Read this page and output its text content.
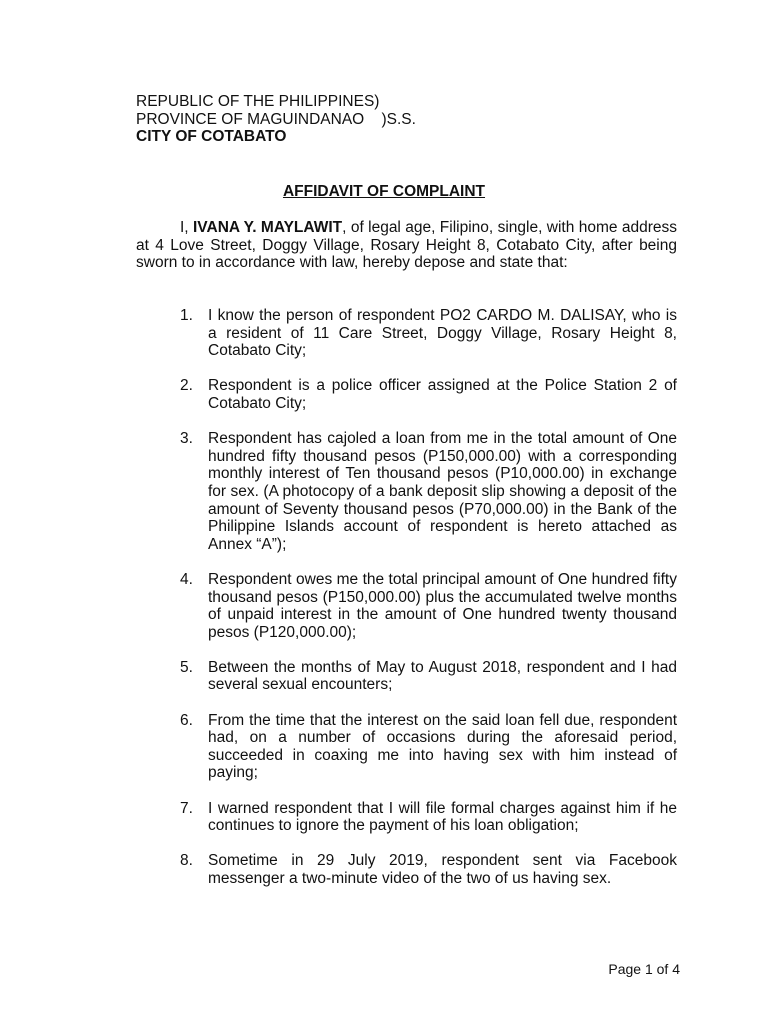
REPUBLIC OF THE PHILIPPINES)
PROVINCE OF MAGUINDANAO    )S.S.
CITY OF COTABATO
AFFIDAVIT OF COMPLAINT
I, IVANA Y. MAYLAWIT, of legal age, Filipino, single, with home address at 4 Love Street, Doggy Village, Rosary Height 8, Cotabato City, after being sworn to in accordance with law, hereby depose and state that:
1. I know the person of respondent PO2 CARDO M. DALISAY, who is a resident of 11 Care Street, Doggy Village, Rosary Height 8, Cotabato City;
2. Respondent is a police officer assigned at the Police Station 2 of Cotabato City;
3. Respondent has cajoled a loan from me in the total amount of One hundred fifty thousand pesos (P150,000.00) with a corresponding monthly interest of Ten thousand pesos (P10,000.00) in exchange for sex. (A photocopy of a bank deposit slip showing a deposit of the amount of Seventy thousand pesos (P70,000.00) in the Bank of the Philippine Islands account of respondent is hereto attached as Annex “A”);
4. Respondent owes me the total principal amount of One hundred fifty thousand pesos (P150,000.00) plus the accumulated twelve months of unpaid interest in the amount of One hundred twenty thousand pesos (P120,000.00);
5. Between the months of May to August 2018, respondent and I had several sexual encounters;
6. From the time that the interest on the said loan fell due, respondent had, on a number of occasions during the aforesaid period, succeeded in coaxing me into having sex with him instead of paying;
7. I warned respondent that I will file formal charges against him if he continues to ignore the payment of his loan obligation;
8. Sometime in 29 July 2019, respondent sent via Facebook messenger a two-minute video of the two of us having sex.
Page 1 of 4
